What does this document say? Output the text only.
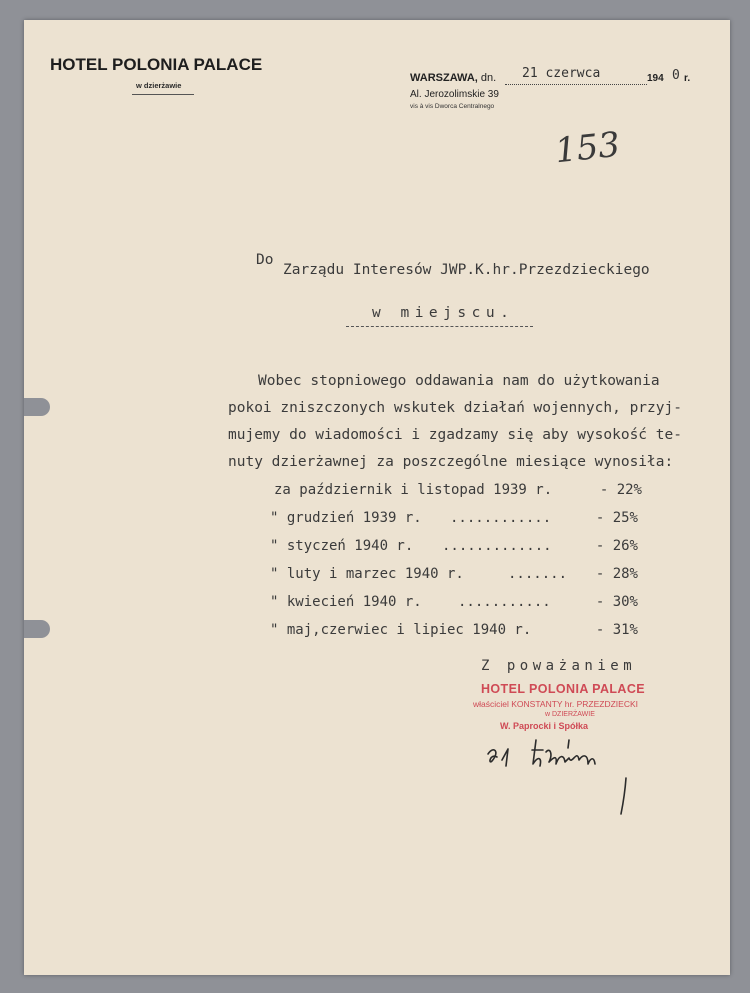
HOTEL POLONIA PALACE
w dzierżawie
WARSZAWA, dn. 21 czerwca	194 0 r.
Al. Jerozolimskie 39
vis à vis Dworca Centralnego
153
Do
Zarządu Interesów JWP.K.hr.Przezdzieckiego
w miejscu.
Wobec stopniowego oddawania nam do użytkowania
pokoi zniszczonych wskutek działań wojennych, przyj-
mujemy do wiadomości i zgadzamy się aby wysokość te-
nuty dzierżawnej za poszczególne miesiące wynosiła:
za październik i listopad 1939 r.	- 22%
" grudzień 1939 r. ............	- 25%
" styczeń 1940 r. .............	- 26%
" luty i marzec 1940 r.	....... - 28%
" kwiecień 1940 r.	...........	- 30%
" maj,czerwiec i lipiec 1940 r.	- 31%
Z poważaniem
HOTEL POLONIA PALACE
właściciel KONSTANTY hr. PRZEZDZIECKI
w DZIERŻAWIE
W. Paprocki i Spółka
